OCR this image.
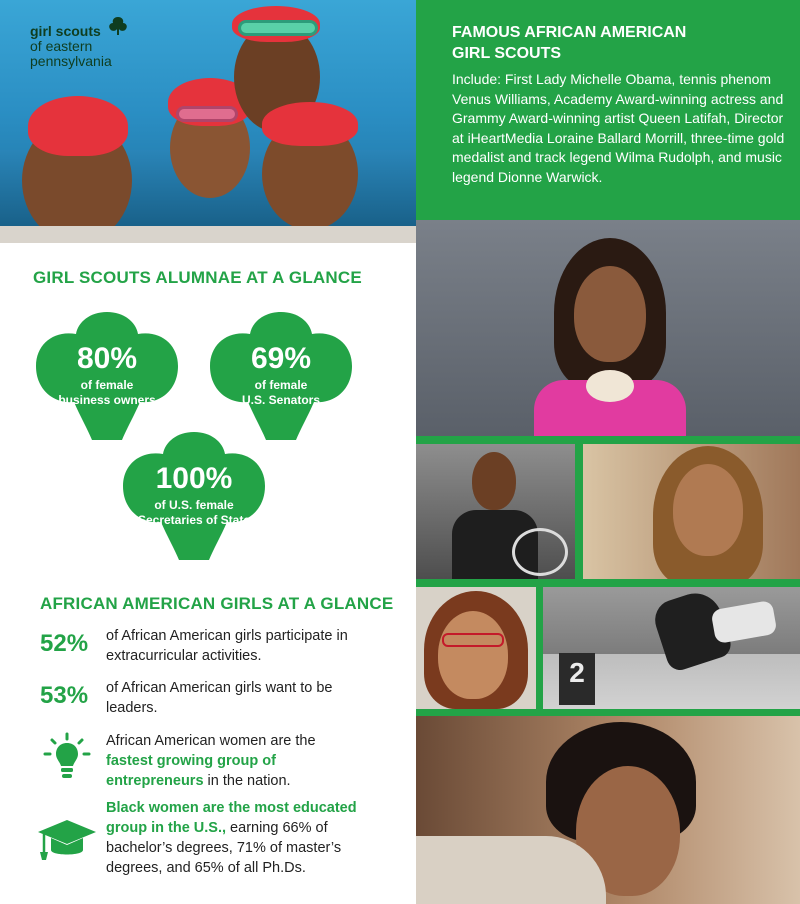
girl scouts
of eastern
pennsylvania
GIRL SCOUTS ALUMNAE AT A GLANCE
80%
of female
business owners
69%
of female
U.S. Senators
100%
of U.S. female
Secretaries of State
AFRICAN AMERICAN GIRLS AT A GLANCE
52% of African American girls participate in extracurricular activities.
53% of African American girls want to be leaders.
African American women are the fastest growing group of entrepreneurs in the nation.
Black women are the most educated group in the U.S., earning 66% of bachelor’s degrees, 71% of master’s degrees, and 65% of all Ph.Ds.
FAMOUS AFRICAN AMERICAN
GIRL SCOUTS
Include: First Lady Michelle Obama, tennis phenom Venus Williams, Academy Award-winning actress and Grammy Award-winning artist Queen Latifah, Director at iHeartMedia Loraine Ballard Morrill, three-time gold medalist and track legend Wilma Rudolph, and music legend Dionne Warwick.
2
